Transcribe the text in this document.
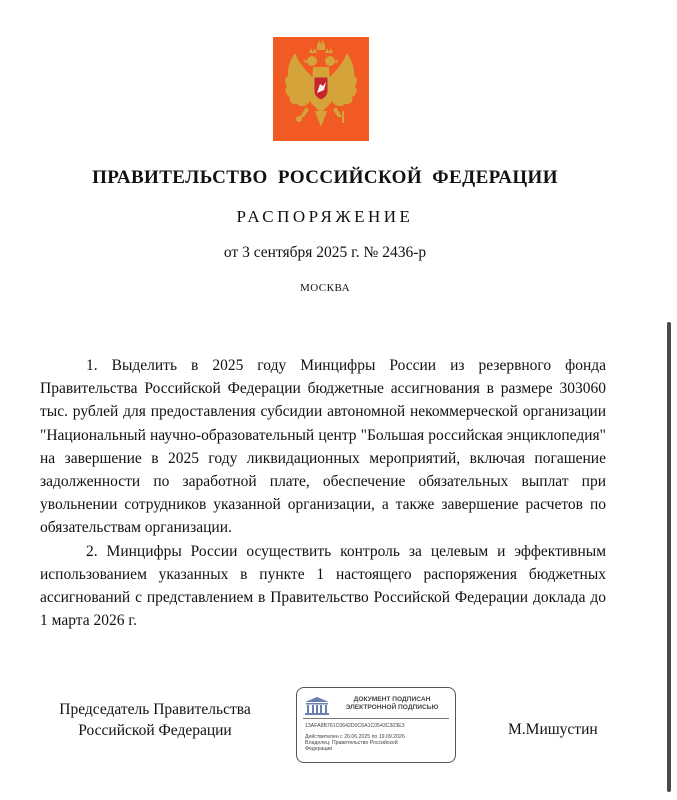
ПРАВИТЕЛЬСТВО  РОССИЙСКОЙ  ФЕДЕРАЦИИ
РАСПОРЯЖЕНИЕ
от 3 сентября 2025 г. № 2436-р
МОСКВА

1. Выделить в 2025 году Минцифры России из резервного фонда Правительства Российской Федерации бюджетные ассигнования в размере 303060 тыс. рублей для предоставления субсидии автономной некоммерческой организации "Национальный научно-образовательный центр "Большая российская энциклопедия" на завершение в 2025 году ликвидационных мероприятий, включая погашение задолженности по заработной плате, обеспечение обязательных выплат при увольнении сотрудников указанной организации, а также завершение расчетов по обязательствам организации.

2. Минцифры России осуществить контроль за целевым и эффективным использованием указанных в пункте 1 настоящего распоряжения бюджетных ассигнований с представлением в Правительство Российской Федерации доклада до 1 марта 2026 г.

Председатель Правительства
Российской Федерации
ДОКУМЕНТ ПОДПИСАН
ЭЛЕКТРОННОЙ ПОДПИСЬЮ
13AFA8B761C0642D0C6A1C0543C303E3
Действителен с 26.06.2025 по 19.09.2026
Владелец: Правительство Российской
Федерации
М.Мишустин
